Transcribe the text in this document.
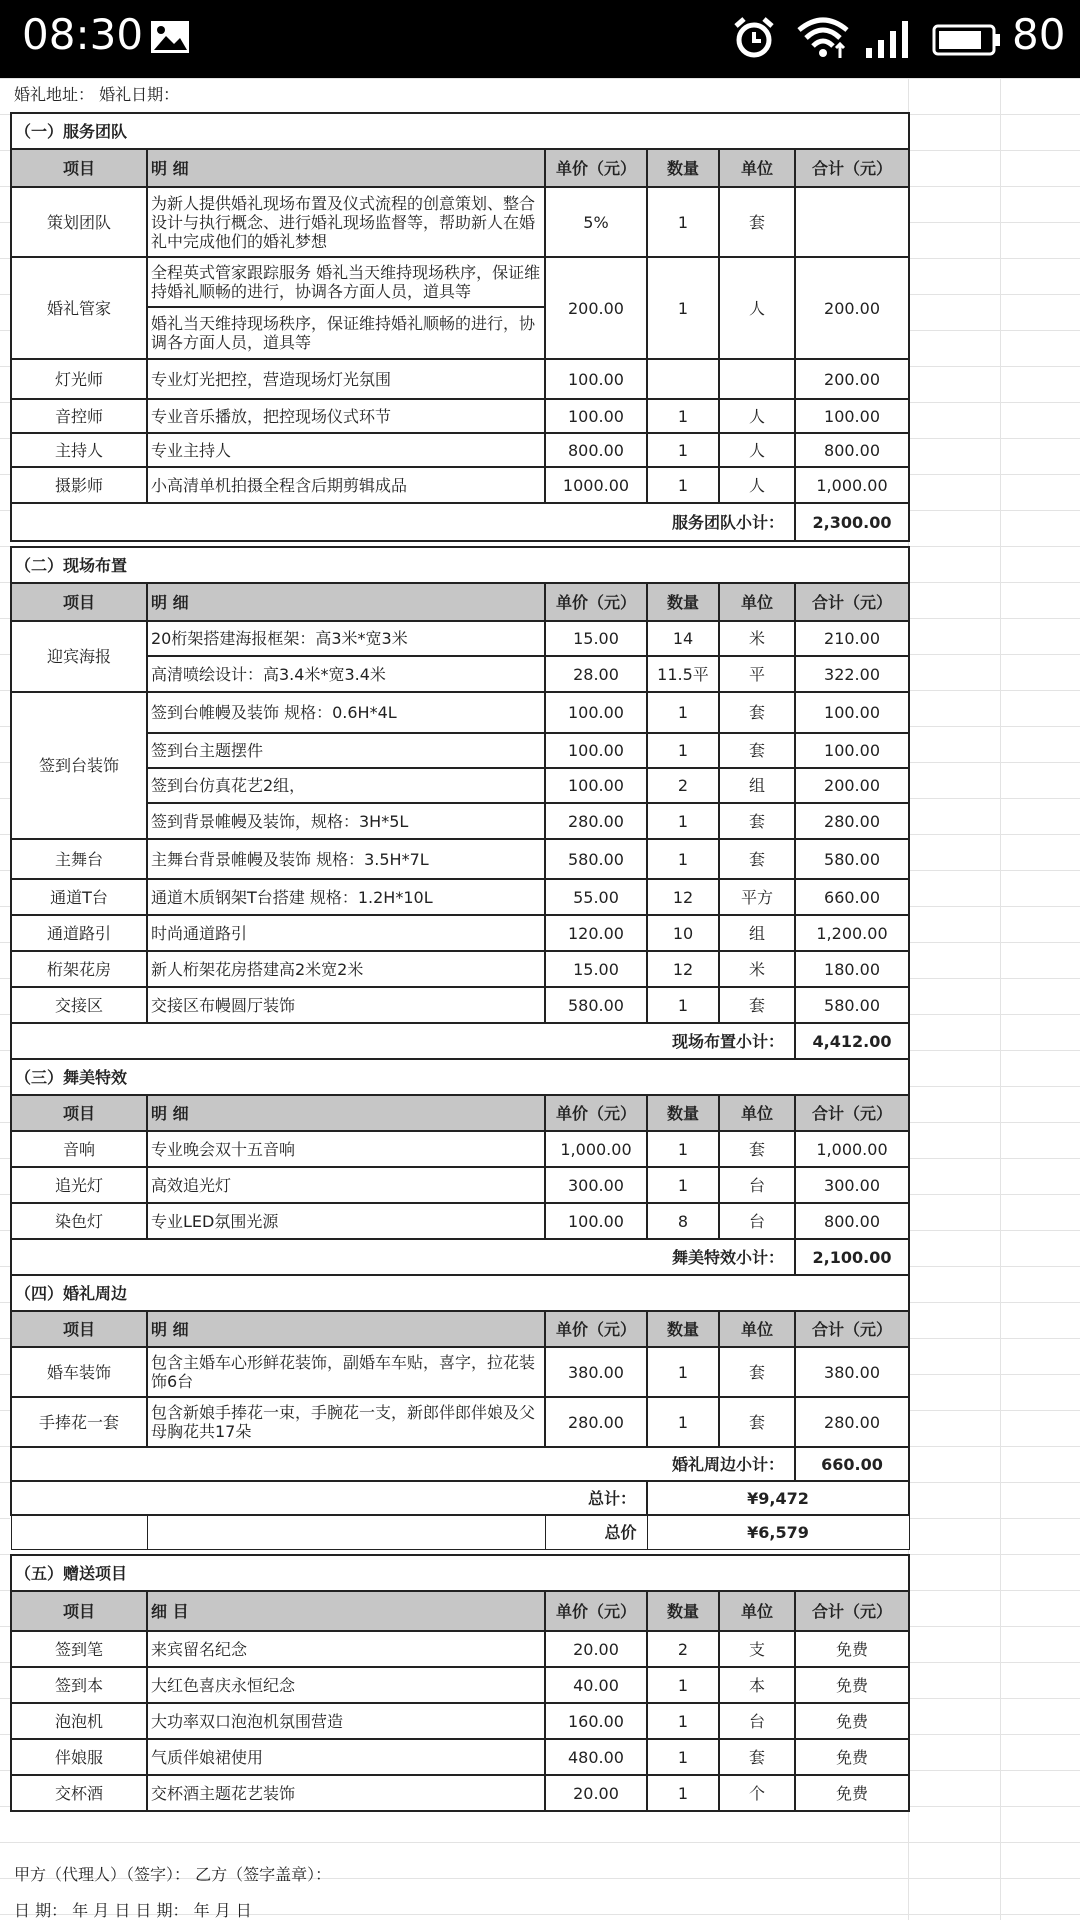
08:30	80
婚礼地址： 婚礼日期：
（一）服务团队					
项目	明 细	单价（元）	数量	单位	合计（元）
策划团队	为新人提供婚礼现场布置及仪式流程的创意策划、整合设计与执行概念、进行婚礼现场监督等，帮助新人在婚礼中完成他们的婚礼梦想	5%	1	套	
婚礼管家	全程英式管家跟踪服务 婚礼当天维持现场秩序，保证维持婚礼顺畅的进行，协调各方面人员，道具等	200.00	1	人	200.00
	婚礼当天维持现场秩序，保证维持婚礼顺畅的进行，协调各方面人员，道具等				
灯光师	专业灯光把控，营造现场灯光氛围	100.00			200.00
音控师	专业音乐播放，把控现场仪式环节	100.00	1	人	100.00
主持人	专业主持人	800.00	1	人	800.00
摄影师	小高清单机拍摄全程含后期剪辑成品	1000.00	1	人	1,000.00
服务团队小计：					2,300.00
（二）现场布置					
项目	明 细	单价（元）	数量	单位	合计（元）
迎宾海报	20桁架搭建海报框架：高3米*宽3米	15.00	14	米	210.00
	高清喷绘设计：高3.4米*宽3.4米	28.00	11.5平	平	322.00
签到台装饰	签到台帷幔及装饰 规格：0.6H*4L	100.00	1	套	100.00
	签到台主题摆件	100.00	1	套	100.00
	签到台仿真花艺2组，	100.00	2	组	200.00
	签到背景帷幔及装饰，规格：3H*5L	280.00	1	套	280.00
主舞台	主舞台背景帷幔及装饰 规格：3.5H*7L	580.00	1	套	580.00
通道T台	通道木质钢架T台搭建 规格：1.2H*10L	55.00	12	平方	660.00
通道路引	时尚通道路引	120.00	10	组	1,200.00
桁架花房	新人桁架花房搭建高2米宽2米	15.00	12	米	180.00
交接区	交接区布幔圆厅装饰	580.00	1	套	580.00
现场布置小计：					4,412.00
（三）舞美特效					
项目	明 细	单价（元）	数量	单位	合计（元）
音响	专业晚会双十五音响	1,000.00	1	套	1,000.00
追光灯	高效追光灯	300.00	1	台	300.00
染色灯	专业LED氛围光源	100.00	8	台	800.00
舞美特效小计：					2,100.00
（四）婚礼周边					
项目	明 细	单价（元）	数量	单位	合计（元）
婚车装饰	包含主婚车心形鲜花装饰，副婚车车贴，喜字，拉花装饰6台	380.00	1	套	380.00
手捧花一套	包含新娘手捧花一束，手腕花一支，新郎伴郎伴娘及父母胸花共17朵	280.00	1	套	280.00
婚礼周边小计：					660.00
总计：			¥9,472		
		总价	¥6,579		
（五）赠送项目					
项目	细 目	单价（元）	数量	单位	合计（元）
签到笔	来宾留名纪念	20.00	2	支	免费
签到本	大红色喜庆永恒纪念	40.00	1	本	免费
泡泡机	大功率双口泡泡机氛围营造	160.00	1	台	免费
伴娘服	气质伴娘裙使用	480.00	1	套	免费
交杯酒	交杯酒主题花艺装饰	20.00	1	个	免费
甲方（代理人）（签字）： 乙方（签字盖章）：
日 期： 年 月 日 日 期： 年 月 日
